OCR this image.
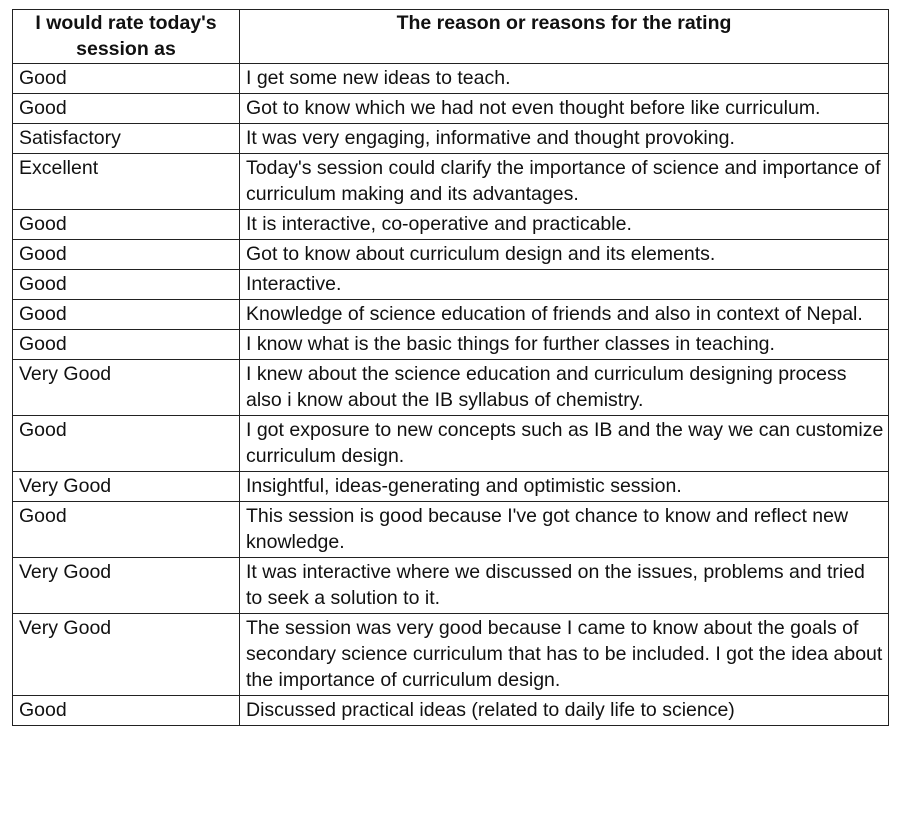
I would rate today's session as	The reason or reasons for the rating
Good	I get some new ideas to teach.
Good	Got to know which we had not even thought before like curriculum.
Satisfactory	It was very engaging, informative and thought provoking.
Excellent	Today's session could clarify the importance of science and importance of curriculum making and its advantages.
Good	It is interactive, co-operative and practicable.
Good	Got to know about curriculum design and its elements.
Good	Interactive.
Good	Knowledge of science education of friends and also in context of Nepal.
Good	I know what is the basic things for further classes in teaching.
Very Good	I knew about the science education and curriculum designing process also i know about the IB syllabus of chemistry.
Good	I got exposure to new concepts such as IB and the way we can customize curriculum design.
Very Good	Insightful, ideas-generating and optimistic session.
Good	This session is good because I've got chance to know and reflect new knowledge.
Very Good	It was interactive where we discussed on the issues, problems and tried to seek a solution to it.
Very Good	The session was very good because I came to know about the goals of secondary science curriculum that has to be included. I got the idea about the importance of curriculum design.
Good	Discussed practical ideas (related to daily life to science)
